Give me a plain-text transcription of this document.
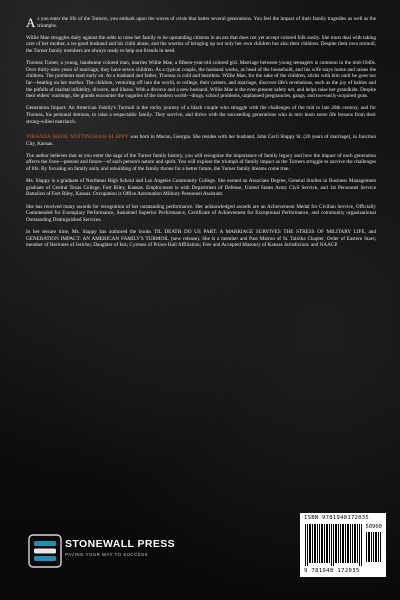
As you enter the life of the Turners, you embark upon the waves of crisis that batter several generations. You feel the impact of their family tragedies as well as the triumphs.

Willie Mae struggles daily against the odds to raise her family to be upstanding citizens in an era that does not yet accept colored folk easily. She must deal with taking care of her mother, a no-good husband and his child abuse, and the worries of bringing up not only her own children but also their children. Despite their own turmoil, the Turner family members are always ready to help out friends in need.

Thomas Turner, a young, handsome colored man, marries Willie Mae, a fifteen-year-old colored girl. Marriage between young teenagers is common in the mid-1940s. Over thirty-nine years of marriage, they have seven children. As a typical couple, the husband works, as head of the household, and his wife stays home and raises the children. The problems start early on. As a husband and father, Thomas is cold and heartless. Willie Mae, for the sake of the children, sticks with him until he goes too far—beating on her mother. The children, venturing off into the world, to college, their careers, and marriage, discover life's revelations, such as the joy of babies and the pitfalls of marital infidelity, divorce, and illness. With a divorce and a new husband, Willie Mae is the ever-present safety net, and helps raise her grandkids. Despite their elders' warnings, the grands encounter the vagaries of the modern world—drugs, school problems, unplanned pregnancies, gangs, and too-easily-acquired guns.

Generation Impact: An American Family's Turmoil is the rocky journey of a black couple who struggle with the challenges of the mid to late 20th century, and for Thomas, his personal demons, to raise a respectable family. They survive, and thrive with the succeeding generations who in turn learn some life lessons from their strong-willed matriarch.

VIRANDA IRENE NOTTINGHAM-SLAPPY was born in Macon, Georgia. She resides with her husband, John Cecil Slappy Sr. (26 years of marriage), in Junction City, Kansas.

The author believes that as you enter the saga of the Turner family history, you will recognize the importance of family legacy and how the impact of each generation affects the lives—present and future—of each person's nature and spirit. You will explore the triumph of family impact as the Turners struggle to survive the challenges of life. By focusing on family unity and rebuilding of the family throne for a better future, the Turner family dreams come true.

Ms. Slappy is a graduate of Northeast High School and Los Angeles Community College. She earned an Associate Degree, General Studies in Business Management graduate of Central Texas College, Fort Riley, Kansas. Employment is with Department of Defense, United States Army Civil Service, and 1st Personnel Service Battalion of Fort Riley, Kansas. Occupation is Office Automation Military Personnel Assistant.

She has received many awards for recognition of her outstanding performance. Her acknowledged awards are an Achievement Medal for Civilian Service, Officially Commended for Exemplary Performance, Sustained Superior Performance, Certificate of Achievement for Exceptional Performance, and community organizational Outstanding Distinguished Services.

In her leisure time, Ms. Slappy has authored the books TIL DEATH DO US PART: A MARRIAGE SURVIVES THE STRESS OF MILITARY LIFE, and GENERATION IMPACT: AN AMERICAN FAMILY'S TURMOIL (new release). She is a member and Past Matron of St. Tabitha Chapter, Order of Eastern Stars; member of Heriones of Jericho; Daughter of Isis; Cyrenes of Prince Hall Affiliation; Free and Accepted Masonry of Kansas Jurisdiction; and NAACP.

STONEWALL PRESS
PAVING YOUR WAY TO SUCCESS
ISBN 9781948172035
50900
9 781948 172035
